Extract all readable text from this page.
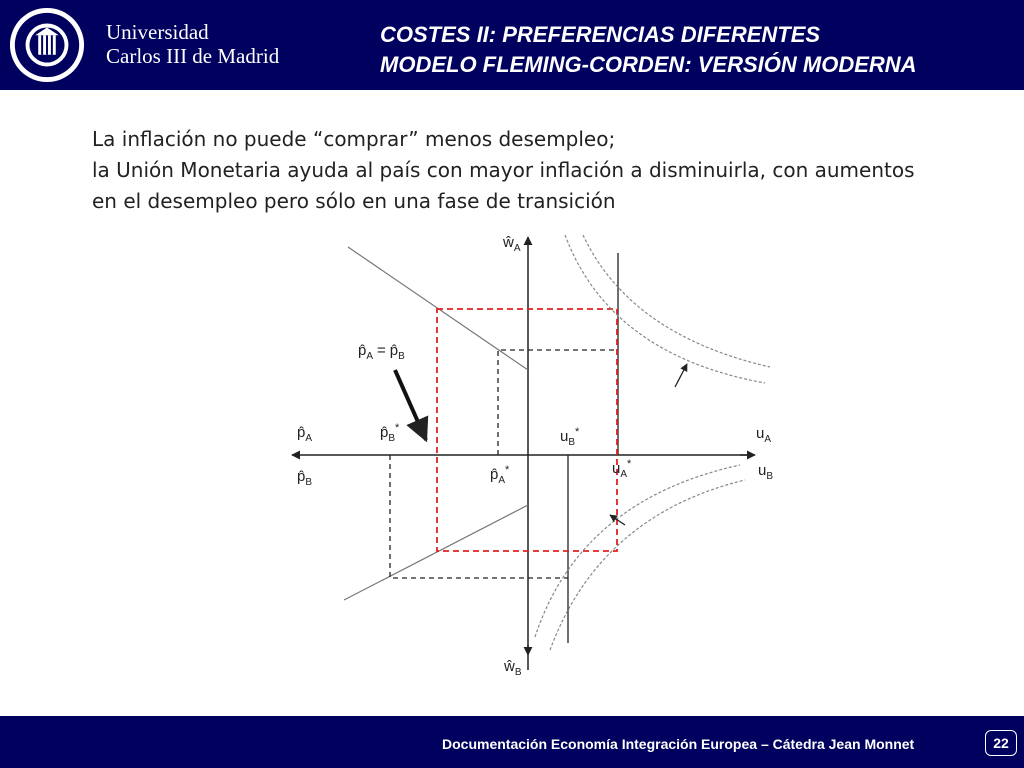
Universidad
Carlos III de Madrid
COSTES II: PREFERENCIAS DIFERENTES
MODELO FLEMING-CORDEN: VERSIÓN MODERNA
La inflación no puede “comprar” menos desempleo;
la Unión Monetaria ayuda al país con mayor inflación a disminuirla, con aumentos
en el desempleo pero sólo en una fase de transición
$ŵ_A$
$ŵ_B$
$p̂_A$
$p̂_B$
$u_A$
$u_B$
$p̂_A$ = $p̂_B$
$p̂_B^*$
$p̂_A^*$
$u_B^*$
$u_A^*$
Documentación Economía Integración Europea – Cátedra Jean Monnet	22
